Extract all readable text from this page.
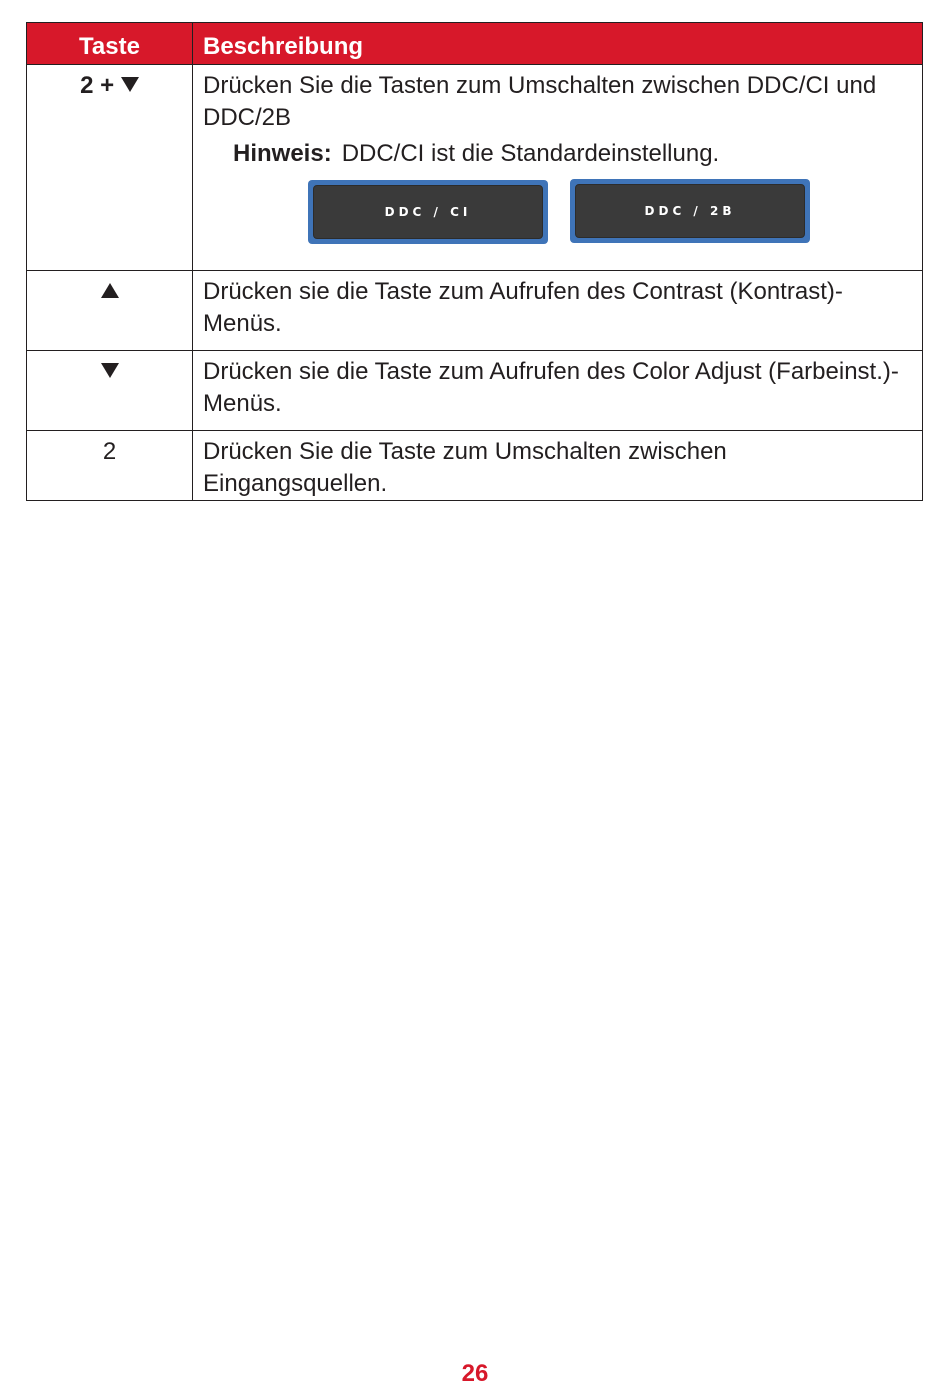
Taste	Beschreibung
2 +	Drücken Sie die Tasten zum Umschalten zwischen DDC/CI und DDC/2B
Hinweis: DDC/CI ist die Standardeinstellung.
DDC / CI DDC / 2B

	Drücken sie die Taste zum Aufrufen des Contrast (Kontrast)-Menüs.

	Drücken sie die Taste zum Aufrufen des Color Adjust (Farbeinst.)-Menüs.

2	Drücken Sie die Taste zum Umschalten zwischen Eingangsquellen.
26
